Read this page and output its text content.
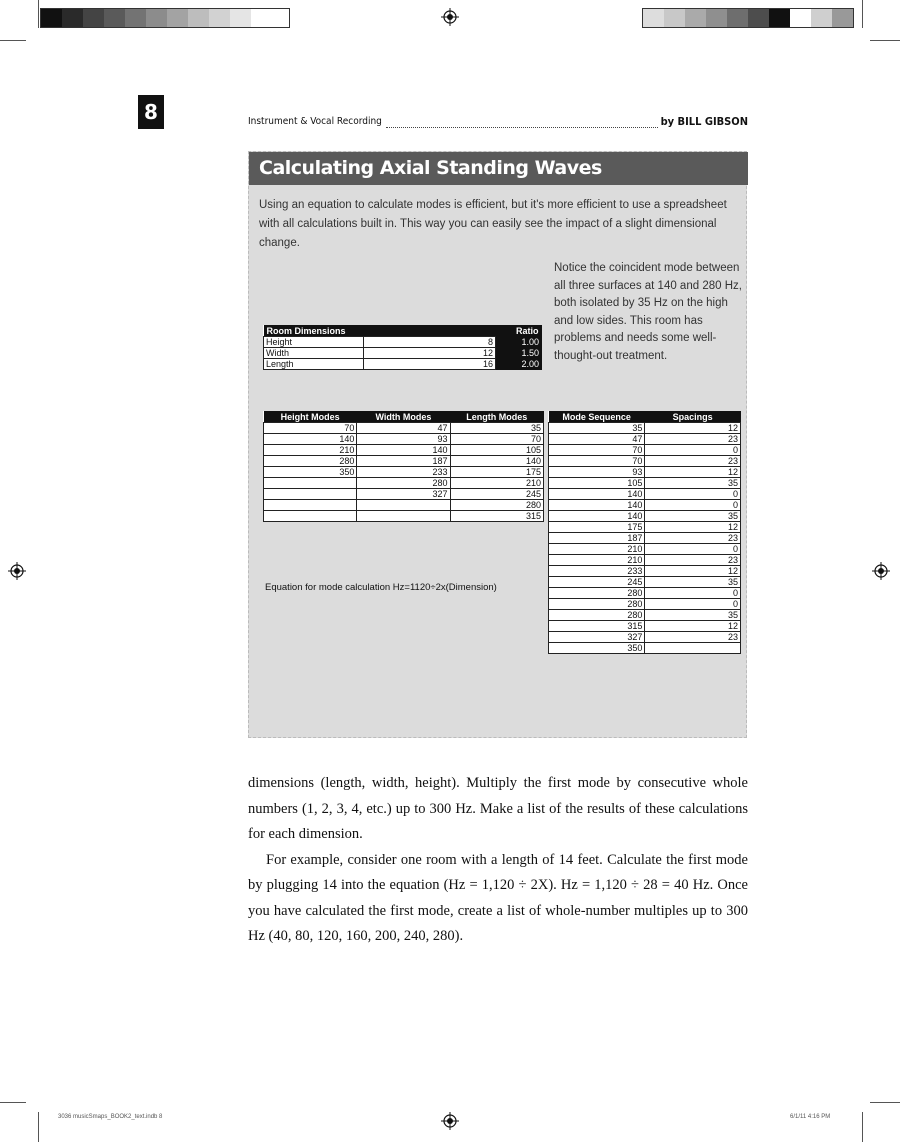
8	Instrument & Vocal Recording	by BILL GIBSON
Calculating Axial Standing Waves
Using an equation to calculate modes is efficient, but it's more efficient to use a spreadsheet with all calculations built in. This way you can easily see the impact of a slight dimensional change.
Notice the coincident mode between all three surfaces at 140 and 280 Hz, both isolated by 35 Hz on the high and low sides. This room has problems and needs some well-thought-out treatment.
Room Dimensions		Ratio
Height	8	1.00
Width	12	1.50
Length	16	2.00
Height Modes	Width Modes	Length Modes
70	47	35
140	93	70
210	140	105
280	187	140
350	233	175
	280	210
	327	245
		280
		315
Equation for mode calculation Hz=1120÷2x(Dimension)
Mode Sequence	Spacings
35	12
47	23
70	0
70	23
93	12
105	35
140	0
140	0
140	35
175	12
187	23
210	0
210	23
233	12
245	35
280	0
280	0
280	35
315	12
327	23
350	

dimensions (length, width, height). Multiply the first mode by consecutive whole numbers (1, 2, 3, 4, etc.) up to 300 Hz. Make a list of the results of these calculations for each dimension.

For example, consider one room with a length of 14 feet. Calculate the first mode by plugging 14 into the equation (Hz = 1,120 ÷ 2X). Hz = 1,120 ÷ 28 = 40 Hz. Once you have calculated the first mode, create a list of whole-number multiples up to 300 Hz (40, 80, 120, 160, 200, 240, 280).

3036 musicSmaps_BOOK2_text.indb 8	6/1/11 4:16 PM
